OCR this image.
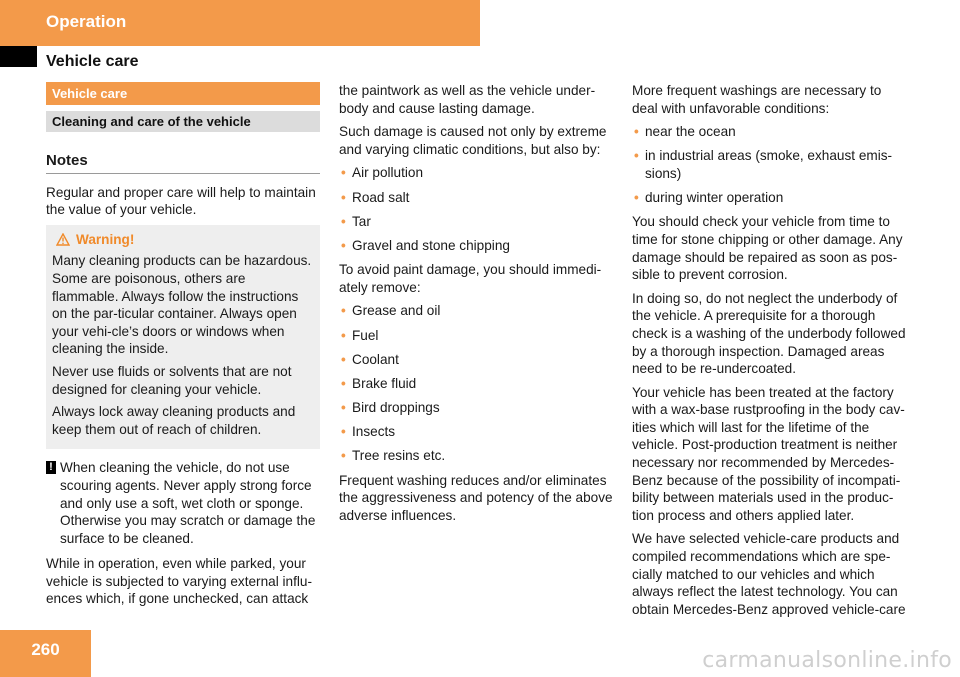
Operation
Vehicle care
Vehicle care
Cleaning and care of the vehicle
Notes

Regular and proper care will help to maintain the value of your vehicle.

Warning!

Many cleaning products can be hazardous. Some are poisonous, others are flammable. Always follow the instructions on the par-ticular container. Always open your vehi-cle’s doors or windows when cleaning the inside.

Never use fluids or solvents that are not designed for cleaning your vehicle.

Always lock away cleaning products and keep them out of reach of children.

! When cleaning the vehicle, do not use scouring agents. Never apply strong force and only use a soft, wet cloth or sponge. Otherwise you may scratch or damage the surface to be cleaned.

While in operation, even while parked, your vehicle is subjected to varying external influ-ences which, if gone unchecked, can attack

the paintwork as well as the vehicle under-body and cause lasting damage.

Such damage is caused not only by extreme and varying climatic conditions, but also by:

• Air pollution
• Road salt
• Tar
• Gravel and stone chipping

To avoid paint damage, you should immedi-ately remove:

• Grease and oil
• Fuel
• Coolant
• Brake fluid
• Bird droppings
• Insects
• Tree resins etc.

Frequent washing reduces and/or eliminates the aggressiveness and potency of the above adverse influences.

More frequent washings are necessary to deal with unfavorable conditions:

• near the ocean
• in industrial areas (smoke, exhaust emis-sions)
• during winter operation

You should check your vehicle from time to time for stone chipping or other damage. Any damage should be repaired as soon as pos-sible to prevent corrosion.

In doing so, do not neglect the underbody of the vehicle. A prerequisite for a thorough check is a washing of the underbody followed by a thorough inspection. Damaged areas need to be re-undercoated.

Your vehicle has been treated at the factory with a wax-base rustproofing in the body cav-ities which will last for the lifetime of the vehicle. Post-production treatment is neither necessary nor recommended by Mercedes-Benz because of the possibility of incompati-bility between materials used in the produc-tion process and others applied later.

We have selected vehicle-care products and compiled recommendations which are spe-cially matched to our vehicles and which always reflect the latest technology. You can obtain Mercedes-Benz approved vehicle-care

260	carmanualsonline.info
